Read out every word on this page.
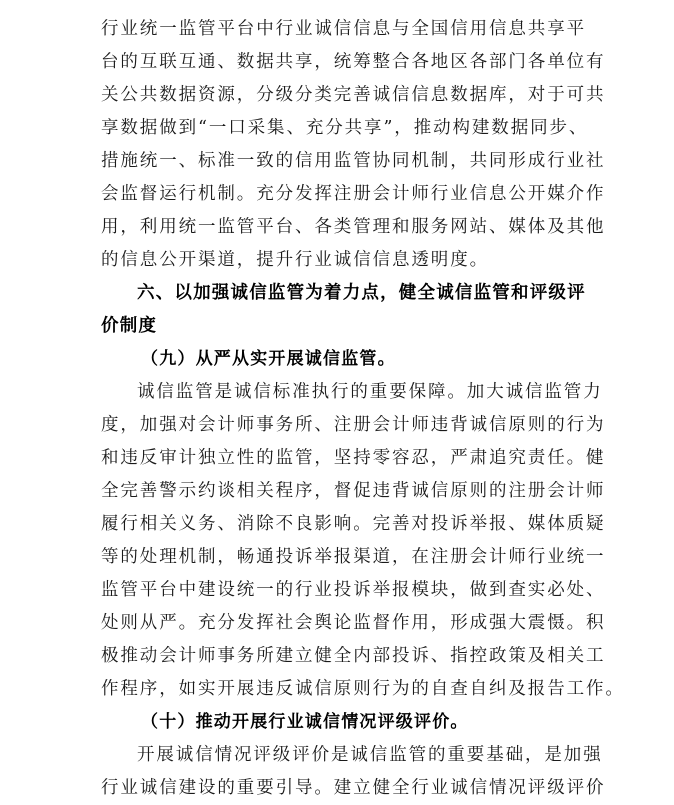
行业统一监管平台中行业诚信信息与全国信用信息共享平
台的互联互通、数据共享，统筹整合各地区各部门各单位有
关公共数据资源，分级分类完善诚信信息数据库，对于可共
享数据做到“一口采集、充分共享”，推动构建数据同步、
措施统一、标准一致的信用监管协同机制，共同形成行业社
会监督运行机制。充分发挥注册会计师行业信息公开媒介作
用，利用统一监管平台、各类管理和服务网站、媒体及其他
的信息公开渠道，提升行业诚信信息透明度。
六、以加强诚信监管为着力点，健全诚信监管和评级评
价制度
（九）从严从实开展诚信监管。
诚信监管是诚信标准执行的重要保障。加大诚信监管力
度，加强对会计师事务所、注册会计师违背诚信原则的行为
和违反审计独立性的监管，坚持零容忍，严肃追究责任。健
全完善警示约谈相关程序，督促违背诚信原则的注册会计师
履行相关义务、消除不良影响。完善对投诉举报、媒体质疑
等的处理机制，畅通投诉举报渠道，在注册会计师行业统一
监管平台中建设统一的行业投诉举报模块，做到查实必处、
处则从严。充分发挥社会舆论监督作用，形成强大震慑。积
极推动会计师事务所建立健全内部投诉、指控政策及相关工
作程序，如实开展违反诚信原则行为的自查自纠及报告工作。
（十）推动开展行业诚信情况评级评价。
开展诚信情况评级评价是诚信监管的重要基础，是加强
行业诚信建设的重要引导。建立健全行业诚信情况评级评价
